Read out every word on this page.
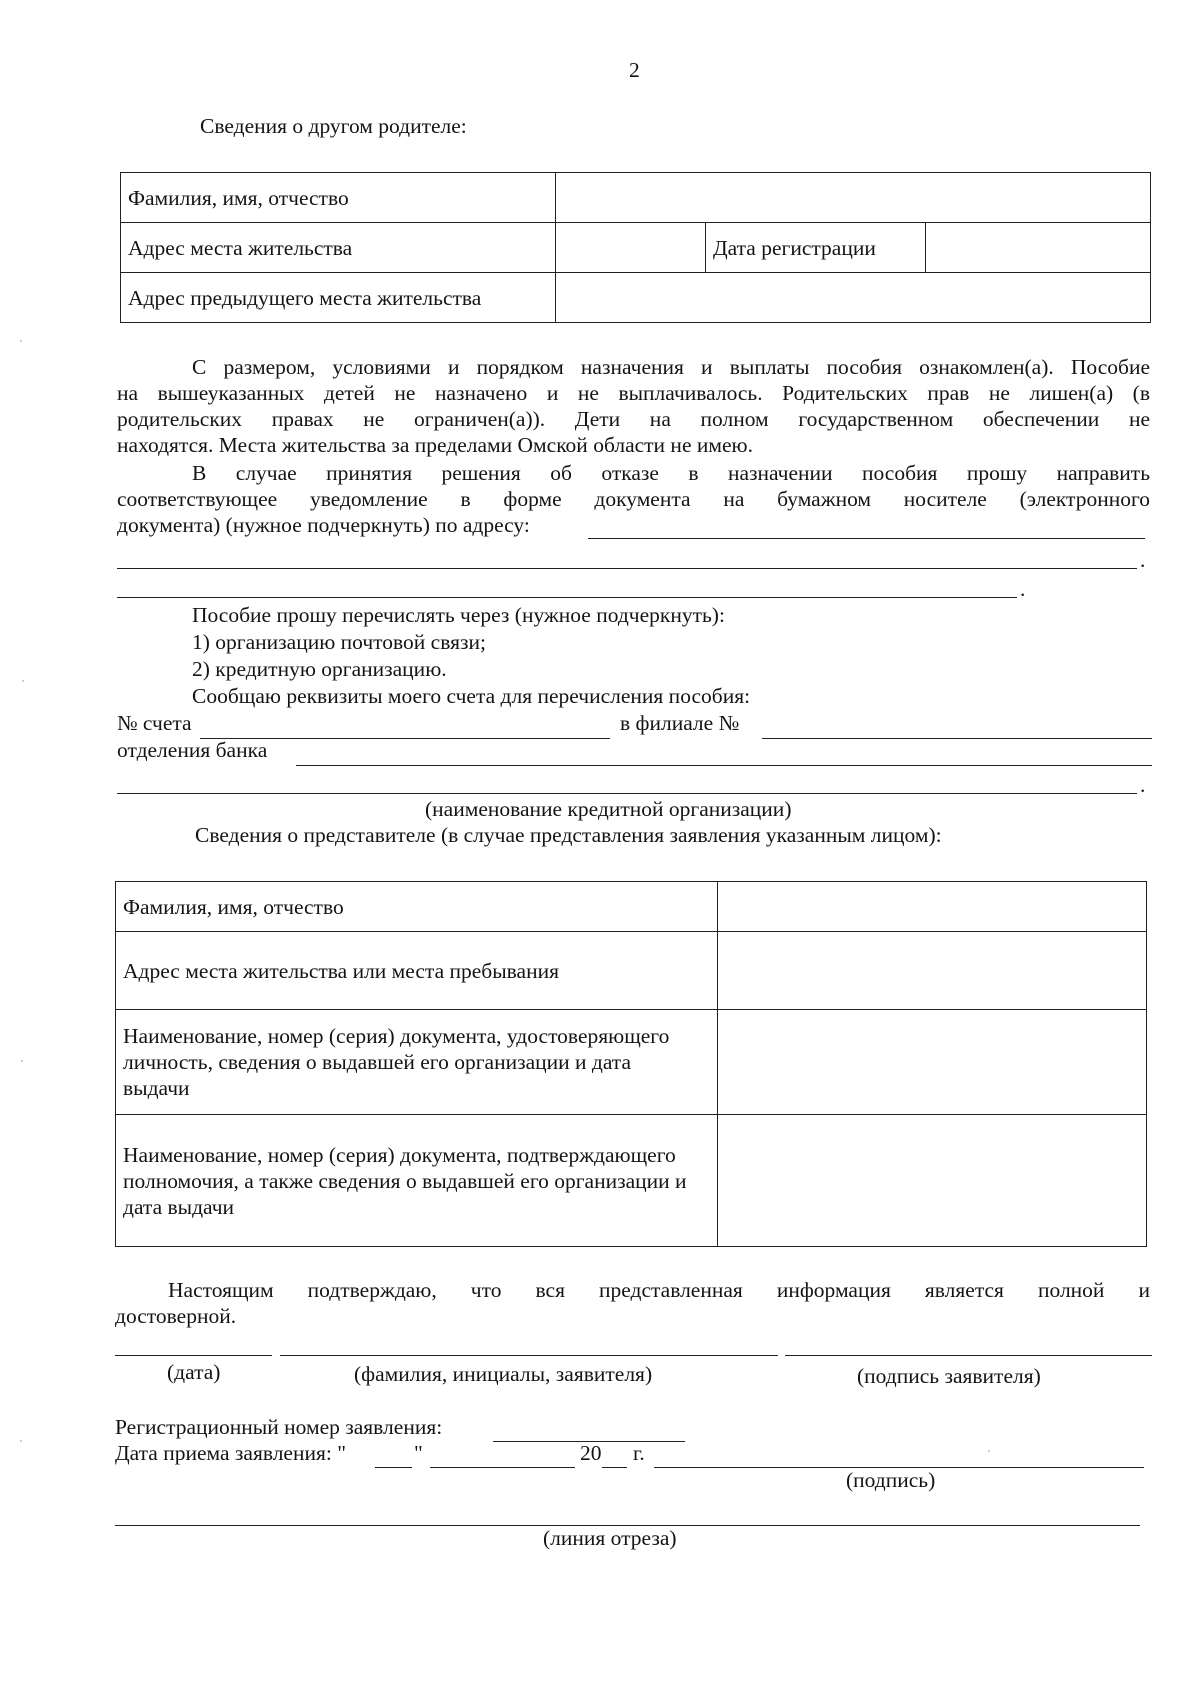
2
Сведения о другом родителе:
Фамилия, имя, отчество			
Адрес места жительства		Дата регистрации	
Адрес предыдущего места жительства			
С размером, условиями и порядком назначения и выплаты пособия ознакомлен(а). Пособие
на вышеуказанных детей не назначено и не выплачивалось. Родительских прав не лишен(а) (в
родительских правах не ограничен(а)). Дети на полном государственном обеспечении не
находятся. Места жительства за пределами Омской области не имею.
В случае принятия решения об отказе в назначении пособия прошу направить
соответствующее уведомление в форме документа на бумажном носителе (электронного
документа) (нужное подчеркнуть) по адресу:
.
.
Пособие прошу перечислять через (нужное подчеркнуть):
1) организацию почтовой связи;
2) кредитную организацию.
Сообщаю реквизиты моего счета для перечисления пособия:
№ счета	в филиале №
отделения банка
.
(наименование кредитной организации)
Сведения о представителе (в случае представления заявления указанным лицом):
Фамилия, имя, отчество	
Адрес места жительства или места пребывания	
Наименование, номер (серия) документа, удостоверяющего личность, сведения о выдавшей его организации и дата выдачи	
Наименование, номер (серия) документа, подтверждающего полномочия, а также сведения о выдавшей его организации и дата выдачи	
Настоящим подтверждаю, что вся представленная информация является полной и
достоверной.
(дата)	(фамилия, инициалы, заявителя)	(подпись заявителя)
Регистрационный номер заявления:
Дата приема заявления: "	"	20 г.
(подпись)
(линия отреза)
